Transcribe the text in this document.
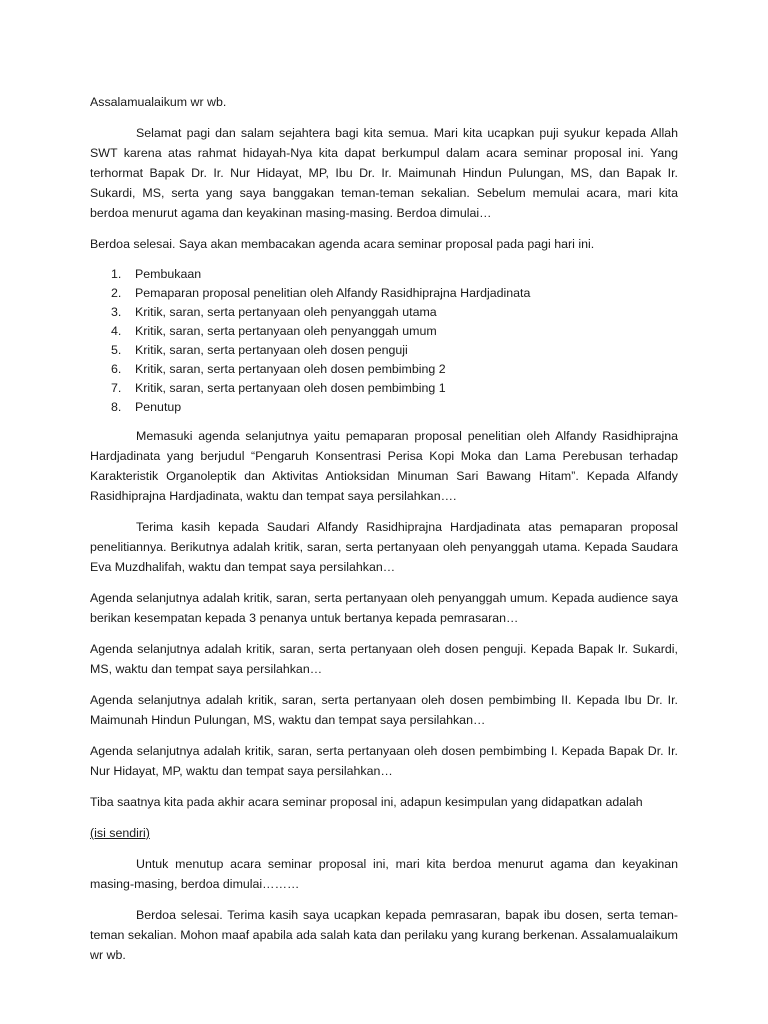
Assalamualaikum wr wb.

Selamat pagi dan salam sejahtera bagi kita semua. Mari kita ucapkan puji syukur kepada Allah SWT karena atas rahmat hidayah-Nya kita dapat berkumpul dalam acara seminar proposal ini. Yang terhormat Bapak Dr. Ir. Nur Hidayat, MP, Ibu Dr. Ir. Maimunah Hindun Pulungan, MS, dan Bapak Ir. Sukardi, MS, serta yang saya banggakan teman-teman sekalian. Sebelum memulai acara, mari kita berdoa menurut agama dan keyakinan masing-masing. Berdoa dimulai…

Berdoa selesai. Saya akan membacakan agenda acara seminar proposal pada pagi hari ini.

1.	Pembukaan
2.	Pemaparan proposal penelitian oleh Alfandy Rasidhiprajna Hardjadinata
3.	Kritik, saran, serta pertanyaan oleh penyanggah utama
4.	Kritik, saran, serta pertanyaan oleh penyanggah umum
5.	Kritik, saran, serta pertanyaan oleh dosen penguji
6.	Kritik, saran, serta pertanyaan oleh dosen pembimbing 2
7.	Kritik, saran, serta pertanyaan oleh dosen pembimbing 1
8.	Penutup

Memasuki agenda selanjutnya yaitu pemaparan proposal penelitian oleh Alfandy Rasidhiprajna Hardjadinata yang berjudul “Pengaruh Konsentrasi Perisa Kopi Moka dan Lama Perebusan terhadap Karakteristik Organoleptik dan Aktivitas Antioksidan Minuman Sari Bawang Hitam”. Kepada Alfandy Rasidhiprajna Hardjadinata, waktu dan tempat saya persilahkan….

Terima kasih kepada Saudari Alfandy Rasidhiprajna Hardjadinata atas pemaparan proposal penelitiannya. Berikutnya adalah kritik, saran, serta pertanyaan oleh penyanggah utama. Kepada Saudara Eva Muzdhalifah, waktu dan tempat saya persilahkan…

Agenda selanjutnya adalah kritik, saran, serta pertanyaan oleh penyanggah umum. Kepada audience saya berikan kesempatan kepada 3 penanya untuk bertanya kepada pemrasaran…

Agenda selanjutnya adalah kritik, saran, serta pertanyaan oleh dosen penguji. Kepada Bapak Ir. Sukardi, MS, waktu dan tempat saya persilahkan…

Agenda selanjutnya adalah kritik, saran, serta pertanyaan oleh dosen pembimbing II. Kepada Ibu Dr. Ir. Maimunah Hindun Pulungan, MS, waktu dan tempat saya persilahkan…

Agenda selanjutnya adalah kritik, saran, serta pertanyaan oleh dosen pembimbing I. Kepada Bapak Dr. Ir. Nur Hidayat, MP, waktu dan tempat saya persilahkan…

Tiba saatnya kita pada akhir acara seminar proposal ini, adapun kesimpulan yang didapatkan adalah

(isi sendiri)

Untuk menutup acara seminar proposal ini, mari kita berdoa menurut agama dan keyakinan masing-masing, berdoa dimulai………

Berdoa selesai. Terima kasih saya ucapkan kepada pemrasaran, bapak ibu dosen, serta teman-teman sekalian. Mohon maaf apabila ada salah kata dan perilaku yang kurang berkenan. Assalamualaikum wr wb.
